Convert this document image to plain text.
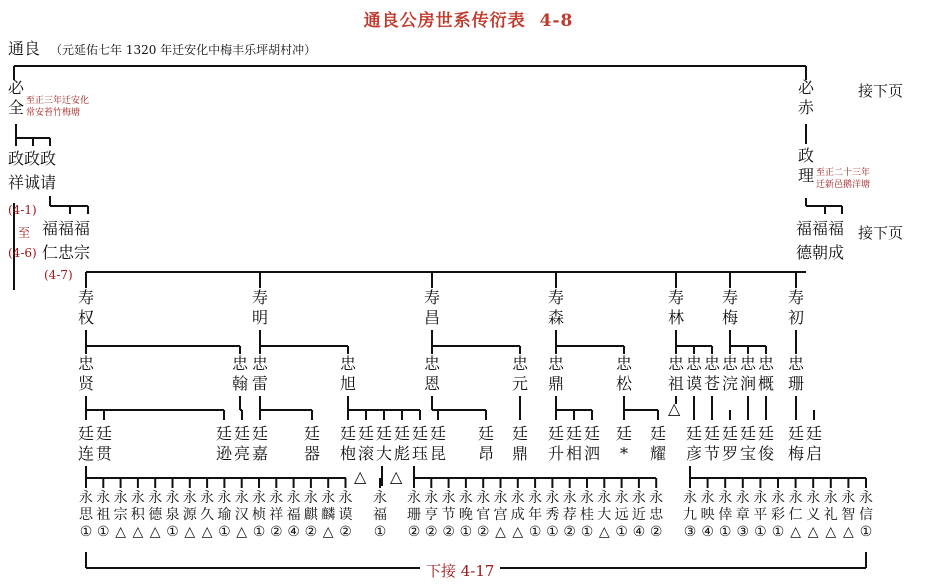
通良公房世系传衍表 4-8
通良 （元延佑七年 1320 年迁安化中梅丰乐坪胡村冲）
必
全 至正三年迁安化
常安苔竹梅塘
必
赤
接下页
政政政
祥诚请
政
理 至正二十三年
迁新邑鹅洋塘
福福福
仁忠宗
(4-1)
至
(4-6)
(4-7)
福福福
德朝成
接下页
寿
权
寿
明
寿
昌
寿
森
寿
林
寿
梅
寿
初
忠
贤
忠
翰
忠
雷
忠
旭
忠
恩
忠
元
忠
鼎
忠
松
忠
祖
忠
谟
忠
苍
忠
浣
忠
涧
忠
概
忠
珊
△
廷
连
廷
贯
廷
逊
廷
亮
廷
嘉
廷
器
廷
枹
廷
滚
廷
大
廷
彪
廷
珏
廷
昆
廷
昂
廷
鼎
廷
升
廷
相
廷
泗
廷
*
廷
耀
廷
彦
廷
节
廷
罗
廷
宝
廷
俊
廷
梅
廷
启
△ △
永
思
①
永
祖
①
永
宗
△
永
积
△
永
德
△
永
泉
①
永
源
△
永
久
△
永
瑜
①
永
汉
△
永
桢
①
永
祥
②
永
福
④
永
麒
②
永
麟
△
永
谟
②
永
福
①
永
珊
②
永
亨
②
永
节
②
永
晚
①
永
官
②
永
宫
△
永
成
△
永
年
①
永
秀
①
永
荐
②
永
桂
①
永
大
△
永
远
①
永
近
④
永
忠
②
永
九
③
永
映
④
永
倖
①
永
章
③
永
平
①
永
彩
①
永
仁
△
永
义
△
永
礼
△
永
智
△
永
信
①
下接 4-17
